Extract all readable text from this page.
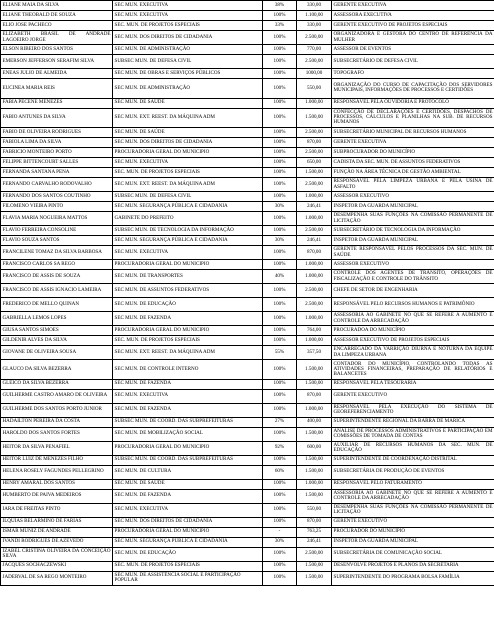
ELIANE MAIA DA SILVA	SEC MUN. EXECUTIVA	38%	330,00	GERENTE EXECUTIVA
ELIANE THEOBALD DE SOUZA	SEC MUN. EXECUTIVA	100%	1.100,00	ASSESSORA EXECUTIVA
ELIO JOSE PACHECO	SEC. MUN. DE PROJETOS ESPECIAIS	33%	330,00	GERENTE EXECUTIVO DE PROJETOS ESPECIAIS
ELIZABETH BRASIL DE ANDRADE LAGOEIRO JORGE	SEC MUN. DOS DIREITOS DE CIDADANIA	100%	2.500,00	ORGANIZADORA E GESTORA DO CENTRO DE REFERÊNCIA DA MULHER
ELSON RIBEIRO DOS SANTOS	SEC MUN. DE ADMINISTRAÇÃO	100%	770,00	ASSESSOR DE EVENTOS
EMERSON JEFFERSON SERAFIM SILVA	SUBSEC MUN. DE DEFESA CIVIL	100%	2.500,00	SUBSECRETÁRIO DE DEFESA CIVIL
ENEAS JULIO DE ALMEIDA	SEC MUN. DE OBRAS E SERVIÇOS PÚBLICOS	100%	1000,00	TOPOGRAFO
EUCINEA MARIA REIS	SEC MUN. DE ADMINISTRAÇÃO	100%	550,00	ORGANIZAÇÃO DO CURSO DE CAPACITAÇÃO DOS SERVIDORES MUNICIPAIS, INFORMAÇÕES DE PROCESSOS E CERTIDÕES
FABIA PECENE MENEZES	SEC MUN. DE SAÚDE	100%	1.000,00	RESPONSÁVEL PELA OUVIDORIA E PROTOCOLO
FABIO ANTUNES DA SILVA	SEC MUN. EXT. REEST. DA MÁQUINA ADM	100%	1.500,00	CONFECÇÃO DE DECLARAÇÕES E CERTIDÕES, DESPACHOS DE PROCESSOS, CÁLCULOS E PLANILHAS NA SUB. DE RECURSOS HUMANOS
FABIO DE OLIVEIRA RODRIGUES	SEC MUN. DE SAÚDE	100%	2.500,00	SUBSECRETÁRIO MUNICIPAL DE RECURSOS HUMANOS
FABIOLA LIMA DA SILVA	SEC MUN. DOS DIREITOS DE CIDADANIA	100%	870,00	GERENTE EXECUTIVA
FABRICIO MONTEIRO PORTO	PROCURADORIA GERAL DO MUNICIPIO	100%	2.500,00	SUBPROCURADOR DO MUNICÍPIO
FELIPPE BITTENCOURT SALLES	SEC MUN. EXECUTIVA	100%	650,00	CADISTA DA SEC. MUN. DE ASSUNTOS FEDERATIVOS
FERNANDA SANTANA PENA	SEC. MUN. DE PROJETOS ESPECIAIS	100%	1.500,00	FUNÇÃO NA ÁREA TÉCNICA DE GESTÃO AMBIENTAL
FERNANDO CARVALHO RODOVALHO	SEC MUN. EXT. REEST. DA MÁQUINA ADM	100%	2.500,00	RESPONSÁVEL PELA LIMPEZA URBANA E PELA USINA DE ASFALTO
FERNANDO DOS SANTOS COUTINHO	SUBSEC MUN. DE DEFESA CIVIL	100%	1.000,00	ASSESSOR EXECUTIVO
FILOMENO VIEIRA PINTO	SEC MUN. SEGURANÇA PÚBLICA E CIDADANIA	30%	246,41	INSPETOR DA GUARDA MUNICIPAL
FLAVIA MARIA NOGUEIRA MATTOS	GABINETE DO PREFEITO	100%	1.000,00	DESEMPENHA SUAS FUNÇÕES NA COMISSÃO PERMANENTE DE LICITAÇÃO
FLAVIO FERREIRA CONSOLINE	SUBSEC MUN. DE TECNOLOGIA DA INFORMAÇÃO	100%	2.500,00	SUBSECRETÁRIO DE TECNOLOGIA DA INFORMAÇÃO
FLAVIO SOUZA SANTOS	SEC MUN. SEGURANÇA PÚBLICA E CIDADANIA	30%	246,41	INSPETOR DA GUARDA MUNICIPAL
FRANCILENE TOMAZ DA SILVA BARBOSA	SEC MUN. EXECUTIVA	100%	870,00	GERENTE RESPONSÁVEL PELOS PROCESSOS DA SEC. MUN. DE SAÚDE
FRANCISCO CARLOS SA REGO	PROCURADORIA GERAL DO MUNICIPIO	100%	1.000,00	ASSESSOR EXECUTIVO
FRANCISCO DE ASSIS DE SOUZA	SEC MUN. DE TRANSPORTES	40%	1.000,00	CONTROLE DOS AGENTES DE TRÂNSITO, OPERAÇÕES DE FISCALIZAÇÃO E CONTROLE DO TRÂNSITO
FRANCISCO DE ASSIS IGNACIO LAMEIRA	SEC MUN. DE ASSUNTOS FEDERATIVOS	100%	2.500,00	CHEFE DE SETOR DE ENGENHARIA
FREDERICO DE MELLO QUINAN	SEC MUN. DE EDUCAÇÃO	100%	2.500,00	RESPONSÁVEL PELO RECURSOS HUMANOS E PATRIMÔNIO
GABRIELLA LEMOS LOPES	SEC MUN. DE FAZENDA	100%	1.000,00	ASSESSORIA AO GABINETE NO QUE SE REFERE A AUMENTO E CONTROLE DA ARRECADAÇÃO
GIUSA SANTOS SIMOES	PROCURADORIA GERAL DO MUNICIPIO	100%	764,00	PROCURADOA DO MUNICÍPIO
GILDENIR ALVES DA SILVA	SEC. MUN. DE PROJETOS ESPECIAIS	100%	1.000,00	ASSESSOR EXECUTIVO DE PROJETOS ESPECIAIS
GIOVANE DE OLIVEIRA SOUSA	SEC MUN. EXT. REEST. DA MÁQUINA ADM	55%	357,50	ENCARREGADO DA VARRIÇÃO DIURNA E NOTURNA DA EQUIPE DA LIMPEZA URBANA
GLAUCO DA SILVA BEZERRA	SEC MUN. DE CONTROLE INTERNO	100%	1.500,00	CONTADOR DO MUNICÍPIO, CONTROLANDO TODAS AS ATIVIDADES FINANCEIRAS, PREPARAÇÃO DE RELATÓRIOS E BALANCETES
GLEICO DA SILVA BEZERRA	SEC MUN. DE FAZENDA	100%	1.500,00	RESPONSÁVEL PELA TESOURARIA
GUILHERME CASTRO AMARO DE OLIVEIRA	SEC MUN. EXECUTIVA	100%	870,00	GERENTE EXECUTIVO
GUILHERME DOS SANTOS PORTO JUNIOR	SEC MUN. DE FAZENDA	100%	1.000,00	RESPONSÁVEL PELA EXECUÇÃO DO SISTEMA DE GEOREFERENCIAMENTO
HADAILTON PEREIRA DA COSTA	SUBSEC MUN. DE COORD. DAS SUBPREFEITURAS	27%	400,00	SUPERINTENDENTE REGIONAL DA BARRA DE MARICÁ
HAROLDO DOS SANTOS FORTES	SEC MUN. DE MOBILIZAÇÃO SOCIAL	100%	1.500,00	ANÁLISE DE PROCESSOS ADMINISTRATIVOS E PARTICIPAÇÃO EM COMISSÕES DE TOMADA DE CONTAS
HEITOR DA SILVA PENAFIEL	PROCURADORIA GERAL DO MUNICIPIO	92%	600,00	AUXILIAR DE RECURSOS HUMANOS DA SEC. MUN. DE EDUCAÇÃO
HEITOR LUIZ DE MENEZES FILHO	SUBSEC MUN. DE COORD. DAS SUBPREFEITURAS	100%	1.500,00	SUPERINTENDENTE DE COORDENAÇÃO DISTRITAL
HELENA ROSELY FAGUNDES PELLEGRINO	SEC MUN. DE CULTURA	60%	1.500,00	SUBSECRETÁRIA DE PRODUÇÃO DE EVENTOS
HENRY AMARAL DOS SANTOS	SEC MUN. DE SAÚDE	100%	1.000,00	RESPONSÁVEL PELO FATURAMENTO
HUMBERTO DE PAIVA MEDEIROS	SEC MUN. DE FAZENDA	100%	1.500,00	ASSESSORIA AO GABINETE NO QUE SE REFERE A AUMENTO E CONTROLE DA ARRECADAÇÃO
IARA DE FREITAS PINTO	SEC MUN. EXECUTIVA	100%	550,00	DESEMPENHA SUAS FUNÇÕES NA COMISSÃO PERMANENTE DE LICITAÇÃO
ILQUIAS BELARMINO DE FARIAS	SEC MUN. DOS DIREITOS DE CIDADANIA	100%	870,00	GERENTE EXECUTIVO
ISMAR MUNIZ DE ANDRADE	PROCURADORIA GERAL DO MUNICIPIO	-	763,25	PROCURADOR DO MUNICÍPIO
IVANDI RODRIGUES DE AZEVEDO	SEC MUN. SEGURANÇA PÚBLICA E CIDADANIA	30%	246,41	INSPETOR DA GUARDA MUNICIPAL
IZABEL CRISTINA OLIVEIRA DA CONCEIÇÃO SILVA	SEC MUN. DE EDUCAÇÃO	100%	2.500,00	SUBSECRETÁRIA DE COMUNICAÇÃO SOCIAL
JACQUES SOCHACZEWSKI	SEC. MUN. DE PROJETOS ESPECIAIS	100%	1.500,00	DESENVOLVE PROJETOS E PLANOS DA SECRETARIA
JADERVAL DE SA REGO MONTEIRO	SEC MUN. DE ASSISTÊNCIA SOCIAL E PARTICIPAÇÃO POPULAR	100%	1.500,00	SUPERINTENDENTE DO PROGRAMA BOLSA FAMÍLIA
